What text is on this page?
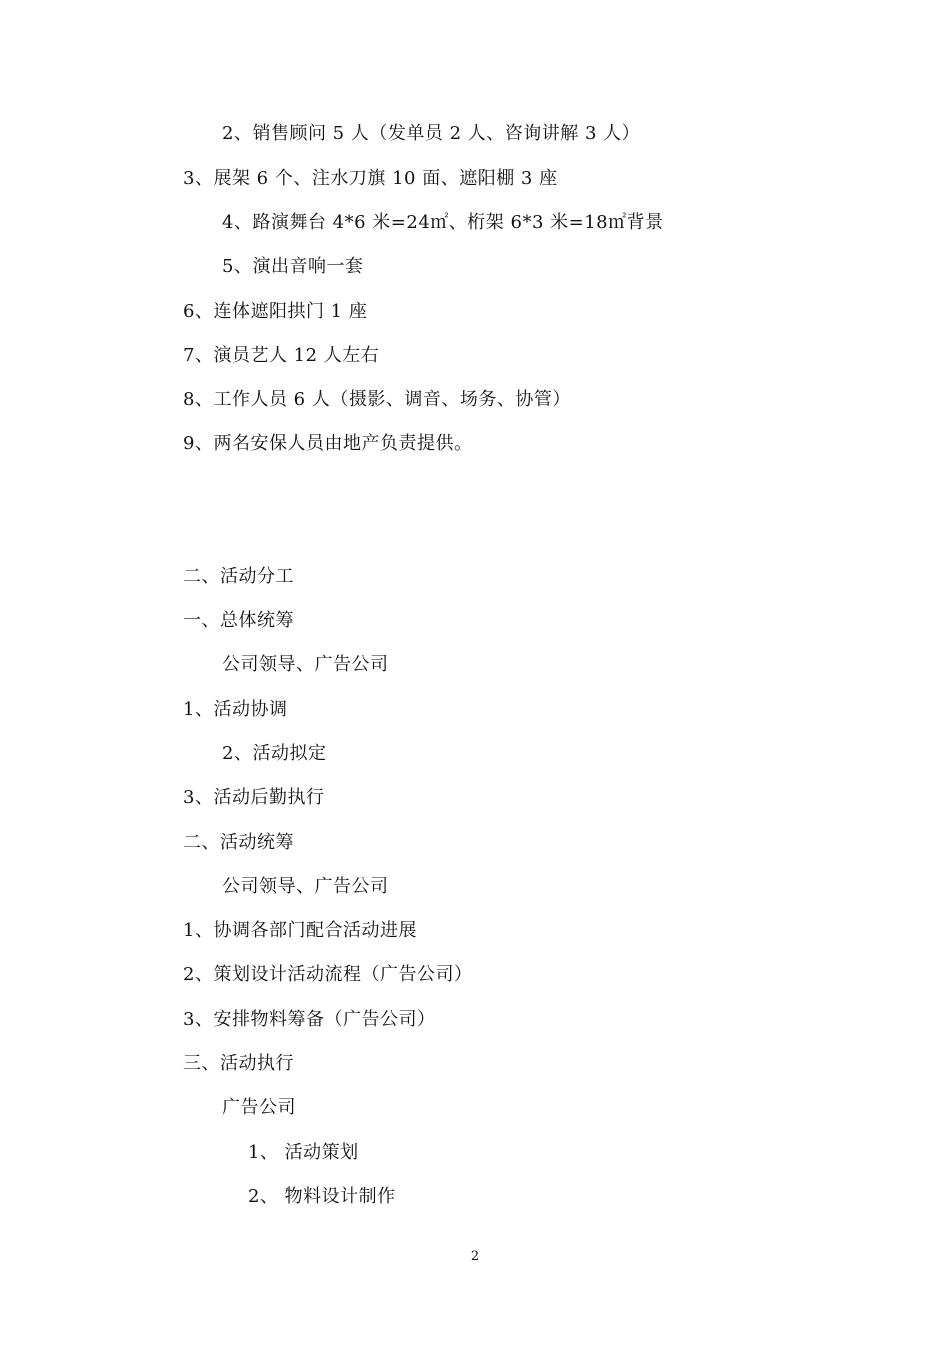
2、销售顾问 5 人（发单员 2 人、咨询讲解 3 人）
3、展架 6 个、注水刀旗 10 面、遮阳棚 3 座
4、路演舞台 4*6 米=24㎡、桁架 6*3 米=18㎡背景
5、演出音响一套
6、连体遮阳拱门 1 座
7、演员艺人 12 人左右
8、工作人员 6 人（摄影、调音、场务、协管）
9、两名安保人员由地产负责提供。
二、活动分工
一、总体统筹
公司领导、广告公司
1、活动协调
2、活动拟定
3、活动后勤执行
二、活动统筹
公司领导、广告公司
1、协调各部门配合活动进展
2、策划设计活动流程（广告公司）
3、安排物料筹备（广告公司）
三、活动执行
广告公司
1、 活动策划
2、 物料设计制作
2
